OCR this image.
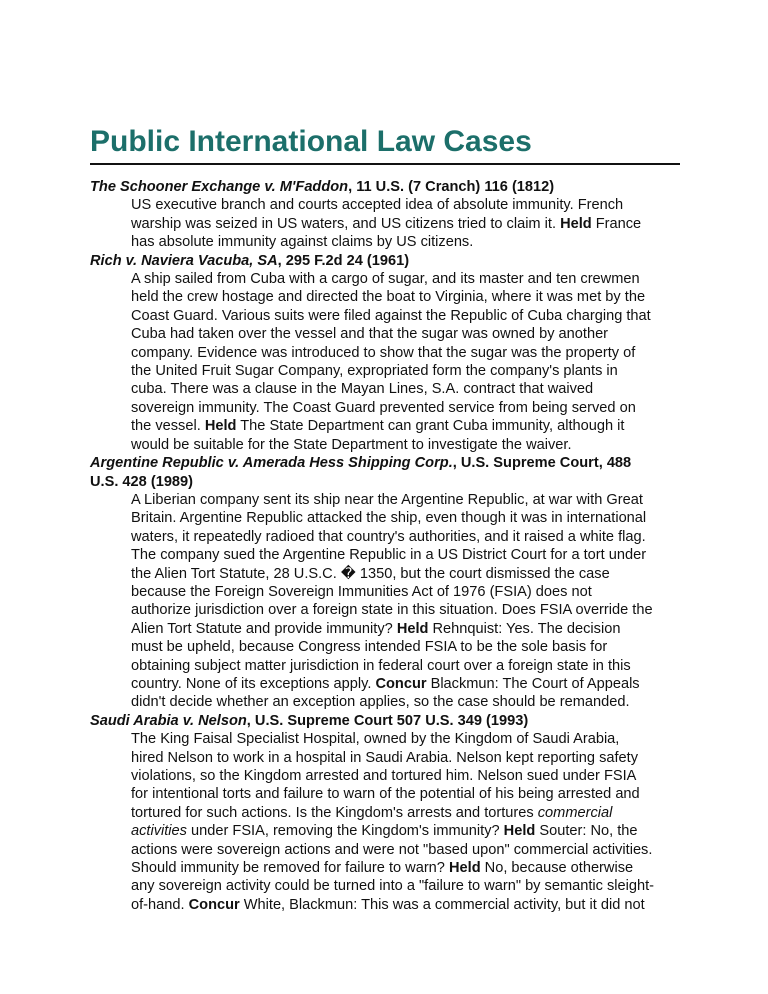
Public International Law Cases

The Schooner Exchange v. M'Faddon, 11 U.S. (7 Cranch) 116 (1812)

US executive branch and courts accepted idea of absolute immunity. French
warship was seized in US waters, and US citizens tried to claim it. Held France
has absolute immunity against claims by US citizens.

Rich v. Naviera Vacuba, SA, 295 F.2d 24 (1961)

A ship sailed from Cuba with a cargo of sugar, and its master and ten crewmen
held the crew hostage and directed the boat to Virginia, where it was met by the
Coast Guard. Various suits were filed against the Republic of Cuba charging that
Cuba had taken over the vessel and that the sugar was owned by another
company. Evidence was introduced to show that the sugar was the property of
the United Fruit Sugar Company, expropriated form the company's plants in
cuba. There was a clause in the Mayan Lines, S.A. contract that waived
sovereign immunity. The Coast Guard prevented service from being served on
the vessel. Held The State Department can grant Cuba immunity, although it
would be suitable for the State Department to investigate the waiver.

Argentine Republic v. Amerada Hess Shipping Corp., U.S. Supreme Court, 488
U.S. 428 (1989)

A Liberian company sent its ship near the Argentine Republic, at war with Great
Britain. Argentine Republic attacked the ship, even though it was in international
waters, it repeatedly radioed that country's authorities, and it raised a white flag.
The company sued the Argentine Republic in a US District Court for a tort under
the Alien Tort Statute, 28 U.S.C. � 1350, but the court dismissed the case
because the Foreign Sovereign Immunities Act of 1976 (FSIA) does not
authorize jurisdiction over a foreign state in this situation. Does FSIA override the
Alien Tort Statute and provide immunity? Held Rehnquist: Yes. The decision
must be upheld, because Congress intended FSIA to be the sole basis for
obtaining subject matter jurisdiction in federal court over a foreign state in this
country. None of its exceptions apply. Concur Blackmun: The Court of Appeals
didn't decide whether an exception applies, so the case should be remanded.

Saudi Arabia v. Nelson, U.S. Supreme Court 507 U.S. 349 (1993)

The King Faisal Specialist Hospital, owned by the Kingdom of Saudi Arabia,
hired Nelson to work in a hospital in Saudi Arabia. Nelson kept reporting safety
violations, so the Kingdom arrested and tortured him. Nelson sued under FSIA
for intentional torts and failure to warn of the potential of his being arrested and
tortured for such actions. Is the Kingdom's arrests and tortures commercial
activities under FSIA, removing the Kingdom's immunity? Held Souter: No, the
actions were sovereign actions and were not "based upon" commercial activities.
Should immunity be removed for failure to warn? Held No, because otherwise
any sovereign activity could be turned into a "failure to warn" by semantic sleight-
of-hand. Concur White, Blackmun: This was a commercial activity, but it did not
